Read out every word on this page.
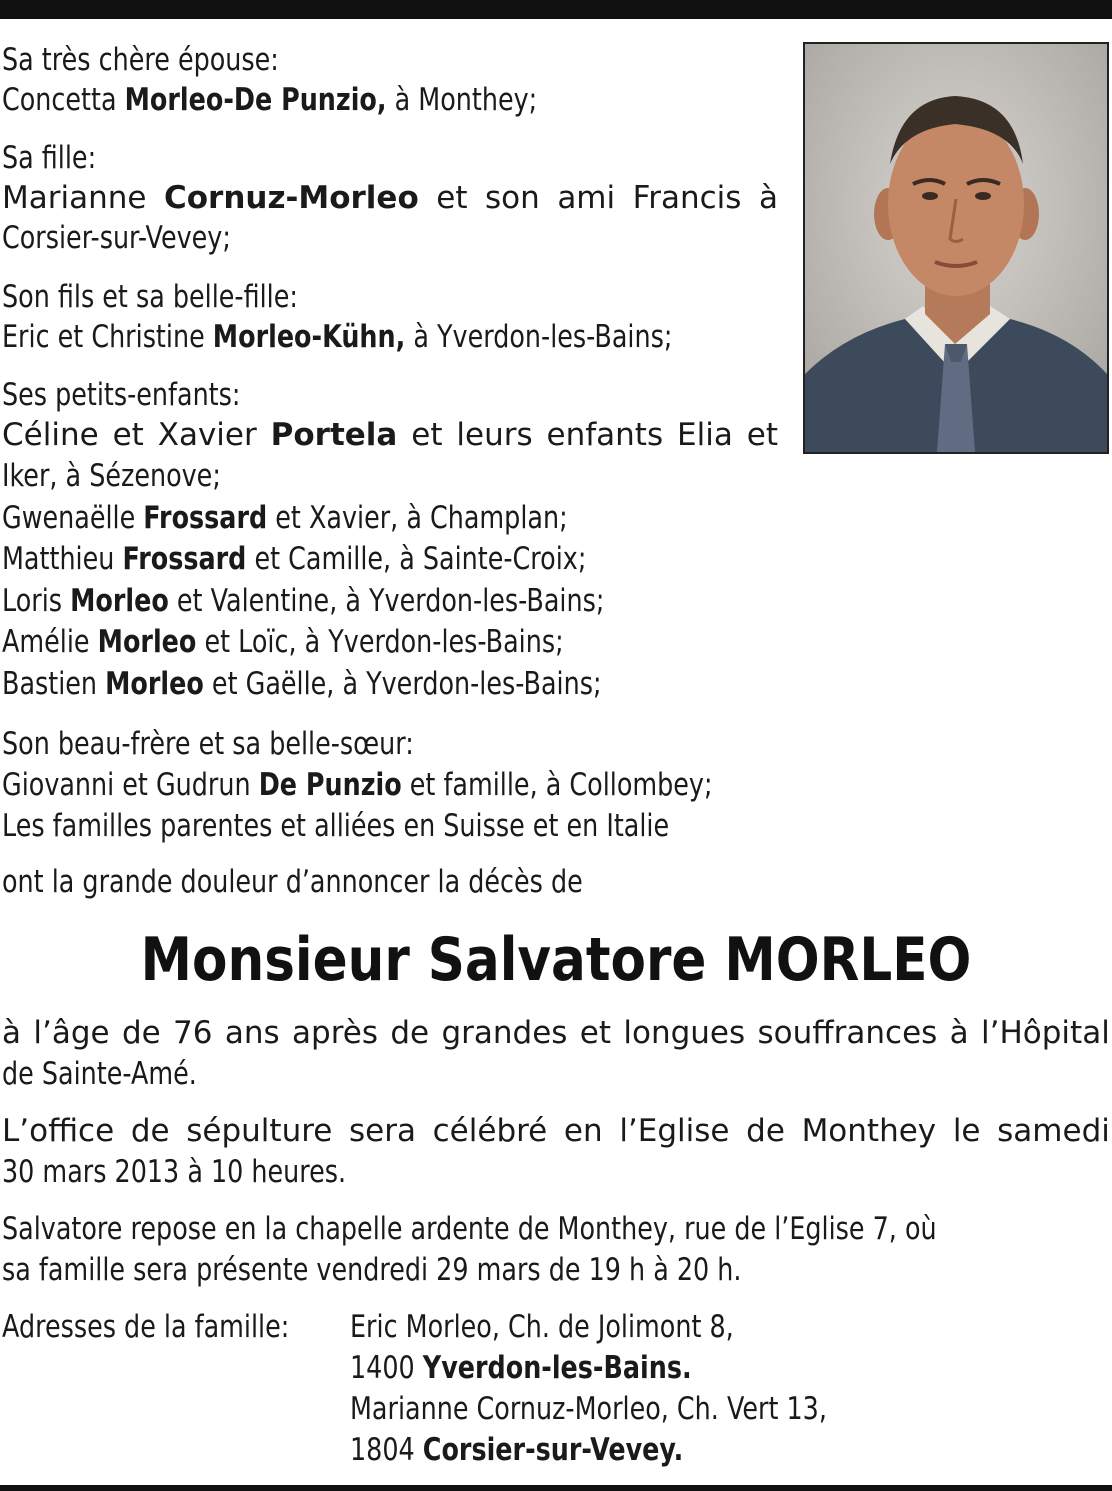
Sa très chère épouse:
Concetta Morleo-De Punzio, à Monthey;
Sa fille:
Marianne Cornuz-Morleo et son ami Francis à
Corsier-sur-Vevey;
Son fils et sa belle-fille:
Eric et Christine Morleo-Kühn, à Yverdon-les-Bains;
Ses petits-enfants:
Céline et Xavier Portela et leurs enfants Elia et
Iker, à Sézenove;
Gwenaëlle Frossard et Xavier, à Champlan;
Matthieu Frossard et Camille, à Sainte-Croix;
Loris Morleo et Valentine, à Yverdon-les-Bains;
Amélie Morleo et Loïc, à Yverdon-les-Bains;
Bastien Morleo et Gaëlle, à Yverdon-les-Bains;
Son beau-frère et sa belle-sœur:
Giovanni et Gudrun De Punzio et famille, à Collombey;
Les familles parentes et alliées en Suisse et en Italie
ont la grande douleur d’annoncer la décès de
Monsieur Salvatore MORLEO
à l’âge de 76 ans après de grandes et longues souffrances à l’Hôpital
de Sainte-Amé.
L’office de sépulture sera célébré en l’Eglise de Monthey le samedi
30 mars 2013 à 10 heures.
Salvatore repose en la chapelle ardente de Monthey, rue de l’Eglise 7, où
sa famille sera présente vendredi 29 mars de 19 h à 20 h.
Adresses de la famille: Eric Morleo, Ch. de Jolimont 8,
1400 Yverdon-les-Bains.
Marianne Cornuz-Morleo, Ch. Vert 13,
1804 Corsier-sur-Vevey.
